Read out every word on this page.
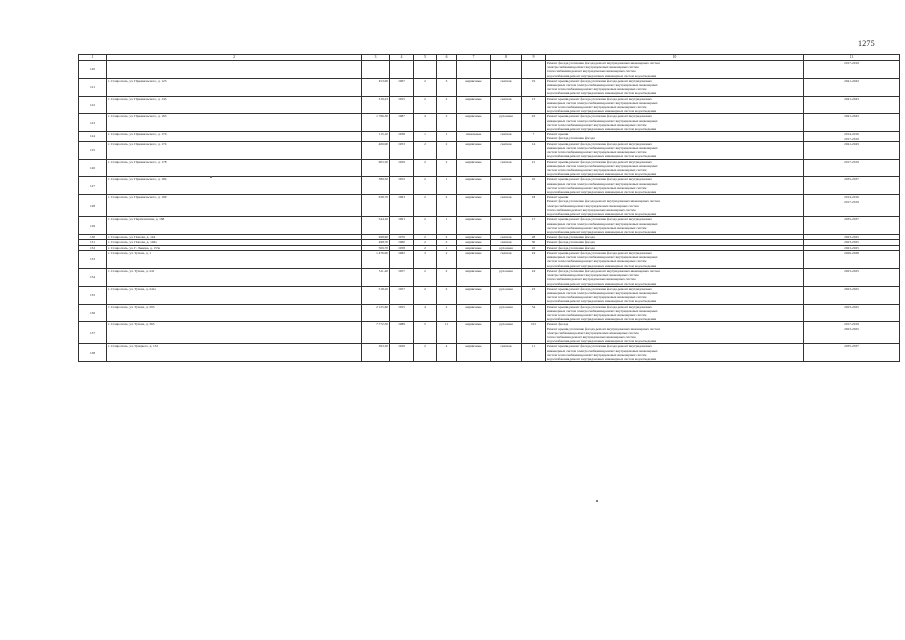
1275
1	2	3	4	5	6	7	8	9	10	11
120									Ремонт фасада,утепление фасада,ремонт внутридомовых инженерных систем
электроснабжения,ремонт внутридомовых инженерных систем
теплоснабжения,ремонт внутридомовых инженерных систем
водоснабжения,ремонт внутридомовых инженерных систем водоотведения	2017-2019

121	г. Ставрополь, ул. Пржевальского, д. 123	453,00	1967	2	3	кирпичные	скатная	19	Ремонт крыши,ремонт фасада,утепление фасада,ремонт внутридомовых
инженерных систем электроснабжения,ремонт внутридомовых инженерных
систем теплоснабжения,ремонт внутридомовых инженерных систем
водоснабжения,ремонт внутридомовых инженерных систем водоотведения	2041-2043

122	г. Ставрополь, ул. Пржевальского, д. 143	319,23	1955	2	2	кирпичные	скатная	13	Ремонт крыши,ремонт фасада,утепление фасада,ремонт внутридомовых
инженерных систем электроснабжения,ремонт внутридомовых инженерных
систем теплоснабжения,ремонт внутридомовых инженерных систем
водоснабжения,ремонт внутридомовых инженерных систем водоотведения	2041-2043

123	г. Ставрополь, ул. Пржевальского, д. 163	1 796,30	1987	4	2	кирпичные	рулонная	43	Ремонт крыши,ремонт фасада,утепление фасада,ремонт внутридомовых
инженерных систем электроснабжения,ремонт внутридомовых инженерных
систем теплоснабжения,ремонт внутридомовых инженерных систем
водоснабжения,ремонт внутридомовых инженерных систем водоотведения	2041-2043

124	г. Ставрополь, ул. Пржевальского, д. 170	115,10	1958	1	1	панельные	скатная	7	Ремонт крыши
Ремонт фасада,утепление фасада	2014-2016
2017-2019

125	г. Ставрополь, ул. Пржевальского, д. 174	406,90	1953	2	2	кирпичные	скатная	14	Ремонт крыши,ремонт фасада,утепление фасада,ремонт внутридомовых
инженерных систем электроснабжения,ремонт внутридомовых инженерных
систем теплоснабжения,ремонт внутридомовых инженерных систем
водоснабжения,ремонт внутридомовых инженерных систем водоотведения	2041-2043

126	г. Ставрополь, ул. Пржевальского, д. 178	605,50	1959	2	2	кирпичные	скатная	21	Ремонт крыши,ремонт фасада,утепление фасада,ремонт внутридомовых
инженерных систем электроснабжения,ремонт внутридомовых инженерных
систем теплоснабжения,ремонт внутридомовых инженерных систем
водоснабжения,ремонт внутридомовых инженерных систем водоотведения	2017-2019

127	г. Ставрополь, ул. Пржевальского, д. 184	389,50	1952	2	1	кирпичные	скатная	10	Ремонт крыши,ремонт фасада,утепление фасада,ремонт внутридомовых
инженерных систем электроснабжения,ремонт внутридомовых инженерных
систем теплоснабжения,ремонт внутридомовых инженерных систем
водоснабжения,ремонт внутридомовых инженерных систем водоотведения	2035-2037

128	г. Ставрополь, ул. Пржевальского, д. 199	638,70	1963	2	2	кирпичные	скатная	18	Ремонт крыши
Ремонт фасада,утепление фасада,ремонт внутридомовых инженерных систем
электроснабжения,ремонт внутридомовых инженерных систем
теплоснабжения,ремонт внутридомовых инженерных систем
водоснабжения,ремонт внутридомовых инженерных систем водоотведения	2014-2016
2017-2019

129	г. Ставрополь, ул. Партизанская, д. 168	544,10	1991	2	1	кирпичные	скатная	17	Ремонт крыши,ремонт фасада,утепление фасада,ремонт внутридомовых
инженерных систем электроснабжения,ремонт внутридомовых инженерных
систем теплоснабжения,ремонт внутридомовых инженерных систем
водоснабжения,ремонт внутридомовых инженерных систем водоотведения	2035-2037

130	г. Ставрополь, ул. Попова, д. 144	498,90	1970	2	2	кирпичные	скатная	28	Ремонт фасада,утепление фасада	2023-2025

131	г. Ставрополь, ул. Попова, д. 146а	498,70	1960	2	2	кирпичные	скатная	30	Ремонт фасада,утепление фасада	2023-2025

132	г. Ставрополь, ул. Г. Лыкова, д. 153а	509,70	1958	2	1	кирпичные	рулонная	10	Ремонт фасада,утепление фасада	2023-2025

133	г. Ставрополь, ул. Тухова, д. 1	1 476,00	1962	3	2	кирпичные	скатная	24	Ремонт крыши,ремонт фасада,утепление фасада,ремонт внутридомовых
инженерных систем электроснабжения,ремонт внутридомовых инженерных
систем теплоснабжения,ремонт внутридомовых инженерных систем
водоснабжения,ремонт внутридомовых инженерных систем водоотведения	2026-2028

134	г. Ставрополь, ул. Тухова, д. 241	511,20	1957	2	2	кирпичные	рулонная	24	Ремонт фасада,утепление фасада,ремонт внутридомовых инженерных систем
электроснабжения,ремонт внутридомовых инженерных систем
теплоснабжения,ремонт внутридомовых инженерных систем
водоснабжения,ремонт внутридомовых инженерных систем водоотведения	2023-2025

135	г. Ставрополь, ул. Тухова, д. 241а	518,20	1957	2	2	кирпичные	рулонная	23	Ремонт крыши,ремонт фасада,утепление фасада,ремонт внутридомовых
инженерных систем электроснабжения,ремонт внутридомовых инженерных
систем теплоснабжения,ремонт внутридомовых инженерных систем
водоснабжения,ремонт внутридомовых инженерных систем водоотведения	2023-2025

136	г. Ставрополь, ул. Тухова, д. 293	2 125,60	1955	4	2	кирпичные	рулонная	34	Ремонт крыши,ремонт фасада,утепление фасада,ремонт внутридомовых
инженерных систем электроснабжения,ремонт внутридомовых инженерных
систем теплоснабжения,ремонт внутридомовых инженерных систем
водоснабжения,ремонт внутридомовых инженерных систем водоотведения	2023-2025

137	г. Ставрополь, ул. Тухова, д. 363	7 772,50	1989	5	11	кирпичные	рулонная	101	Ремонт фасада
Ремонт крыши,утепление фасада,ремонт внутридомовых инженерных систем
электроснабжения,ремонт внутридомовых инженерных систем
теплоснабжения,ремонт внутридомовых инженерных систем
водоснабжения,ремонт внутридомовых инженерных систем водоотведения	2017-2019
2023-2025

138	г. Ставрополь, ул. Урицкого, д. 132	393,30	1929	2	4	кирпичные	скатная	11	Ремонт крыши,ремонт фасада,утепление фасада,ремонт внутридомовых
инженерных систем электроснабжения,ремонт внутридомовых инженерных
систем теплоснабжения,ремонт внутридомовых инженерных систем
водоснабжения,ремонт внутридомовых инженерных систем водоотведения	2035-2037
